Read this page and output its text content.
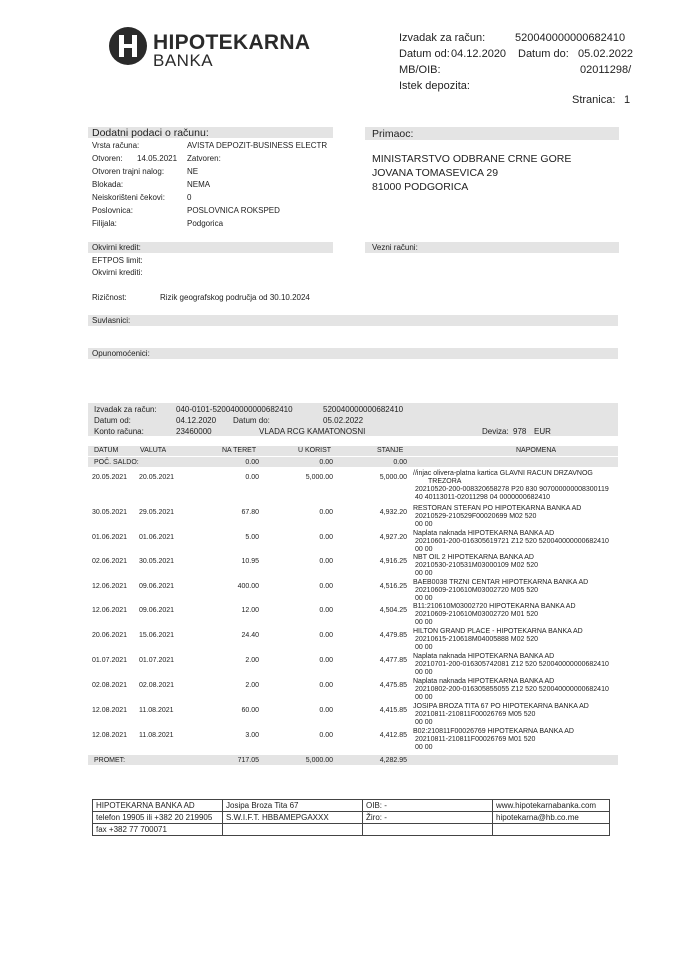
HIPOTEKARNA
BANKA
Izvadak za račun:	520040000000682410
Datum od: 04.12.2020 Datum do: 05.02.2022
MB/OIB:	02011298/
Istek depozita:
Stranica: 1
Dodatni podaci o računu:
Vrsta računa:	AVISTA DEPOZIT-BUSINESS ELECTR
Otvoren: 14.05.2021 Zatvoren:
Otvoren trajni nalog:	NE
Blokada:	NEMA
Neiskorišteni čekovi:	0
Poslovnica:	POSLOVNICA ROKSPED
Filijala:	Podgorica
Primaoc:
MINISTARSTVO ODBRANE CRNE GORE
JOVANA TOMASEVICA 29
81000 PODGORICA
Okvirni kredit:
EFTPOS limit:
Okvirni krediti:
Vezni računi:
Rizičnost:	Rizik geografskog područja od 30.10.2024
Suvlasnici:
Opunomoćenici:
Izvadak za račun: 040-0101-520040000000682410	520040000000682410
Datum od:	04.12.2020 Datum do:	05.02.2022
Konto računa:	23460000	VLADA RCG KAMATONOSNI	Deviza: 978 EUR
DATUM	VALUTA	NA TERET	U KORIST	STANJE	NAPOMENA
POČ. SALDO:	0.00	0.00	0.00
20.05.2021 20.05.2021	0.00	5,000.00	5,000.00
//injac olivera-platna kartica GLAVNI RACUN DRZAVNOG
TREZORA
20210520-200-008320658278 P20 830 907000000008300119
40 40113011-02011298 04 0000000682410
30.05.2021 29.05.2021	67.80	0.00	4,932.20
RESTORAN STEFAN PO HIPOTEKARNA BANKA AD
20210529-210529F00020699 M02 520
00 00
01.06.2021 01.06.2021	5.00	0.00	4,927.20
Naplata naknada HIPOTEKARNA BANKA AD
20210601-200-016305619721 Z12 520 520040000000682410
00 00
02.06.2021 30.05.2021	10.95	0.00	4,916.25
NBT OIL 2 HIPOTEKARNA BANKA AD
20210530-210531M03000109 M02 520
00 00
12.06.2021 09.06.2021	400.00	0.00	4,516.25
BAEB0038 TRZNI CENTAR HIPOTEKARNA BANKA AD
20210609-210610M03002720 M05 520
00 00
12.06.2021 09.06.2021	12.00	0.00	4,504.25
B11:210610M03002720 HIPOTEKARNA BANKA AD
20210609-210610M03002720 M01 520
00 00
20.06.2021 15.06.2021	24.40	0.00	4,479.85
HILTON GRAND PLACE - HIPOTEKARNA BANKA AD
20210615-210618M04005888 M02 520
00 00
01.07.2021 01.07.2021	2.00	0.00	4,477.85
Naplata naknada HIPOTEKARNA BANKA AD
20210701-200-016305742081 Z12 520 520040000000682410
00 00
02.08.2021 02.08.2021	2.00	0.00	4,475.85
Naplata naknada HIPOTEKARNA BANKA AD
20210802-200-016305855055 Z12 520 520040000000682410
00 00
12.08.2021 11.08.2021	60.00	0.00	4,415.85
JOSIPA BROZA TITA 67 PO HIPOTEKARNA BANKA AD
20210811-210811F00026769 M05 520
00 00
12.08.2021 11.08.2021	3.00	0.00	4,412.85
B02:210811F00026769 HIPOTEKARNA BANKA AD
20210811-210811F00026769 M01 520
00 00
PROMET:	717.05	5,000.00	4,282.95
HIPOTEKARNA BANKA AD	Josipa Broza Tita 67	OIB: -	www.hipotekarnabanka.com
telefon 19905 ili +382 20 219905	S.W.I.F.T. HBBAMEPGAXXX	Žiro: -	hipotekarna@hb.co.me
fax +382 77 700071			
